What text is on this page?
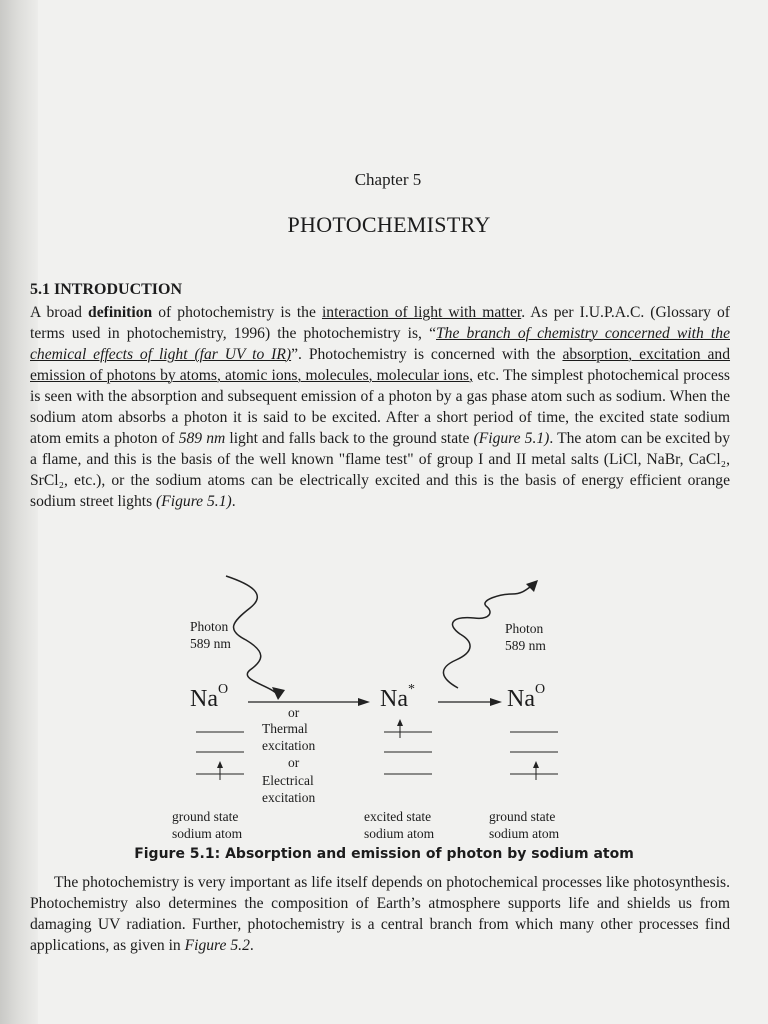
Chapter 5
PHOTOCHEMISTRY
5.1 INTRODUCTION

A broad definition of photochemistry is the interaction of light with matter. As per I.U.P.A.C. (Glossary of terms used in photochemistry, 1996) the photochemistry is, “The branch of chemistry concerned with the chemical effects of light (far UV to IR)”. Photochemistry is concerned with the absorption, excitation and emission of photons by atoms, atomic ions, molecules, molecular ions, etc. The simplest photochemical process is seen with the absorption and subsequent emission of a photon by a gas phase atom such as sodium. When the sodium atom absorbs a photon it is said to be excited. After a short period of time, the excited state sodium atom emits a photon of 589 nm light and falls back to the ground state (Figure 5.1). The atom can be excited by a flame, and this is the basis of the well known "flame test" of group I and II metal salts (LiCl, NaBr, CaCl₂, SrCl₂, etc.), or the sodium atoms can be electrically excited and this is the basis of energy efficient orange sodium street lights (Figure 5.1).

Photon
589 nm
Photon
589 nm
$Na^O$	Na*	$Na^O$
or
Thermal
excitation
or
Electrical
excitation
ground state
sodium atom
excited state
sodium atom
ground state
sodium atom
Figure 5.1: Absorption and emission of photon by sodium atom

The photochemistry is very important as life itself depends on photochemical processes like photosynthesis. Photochemistry also determines the composition of Earth’s atmosphere supports life and shields us from damaging UV radiation. Further, photochemistry is a central branch from which many other processes find applications, as given in Figure 5.2.
